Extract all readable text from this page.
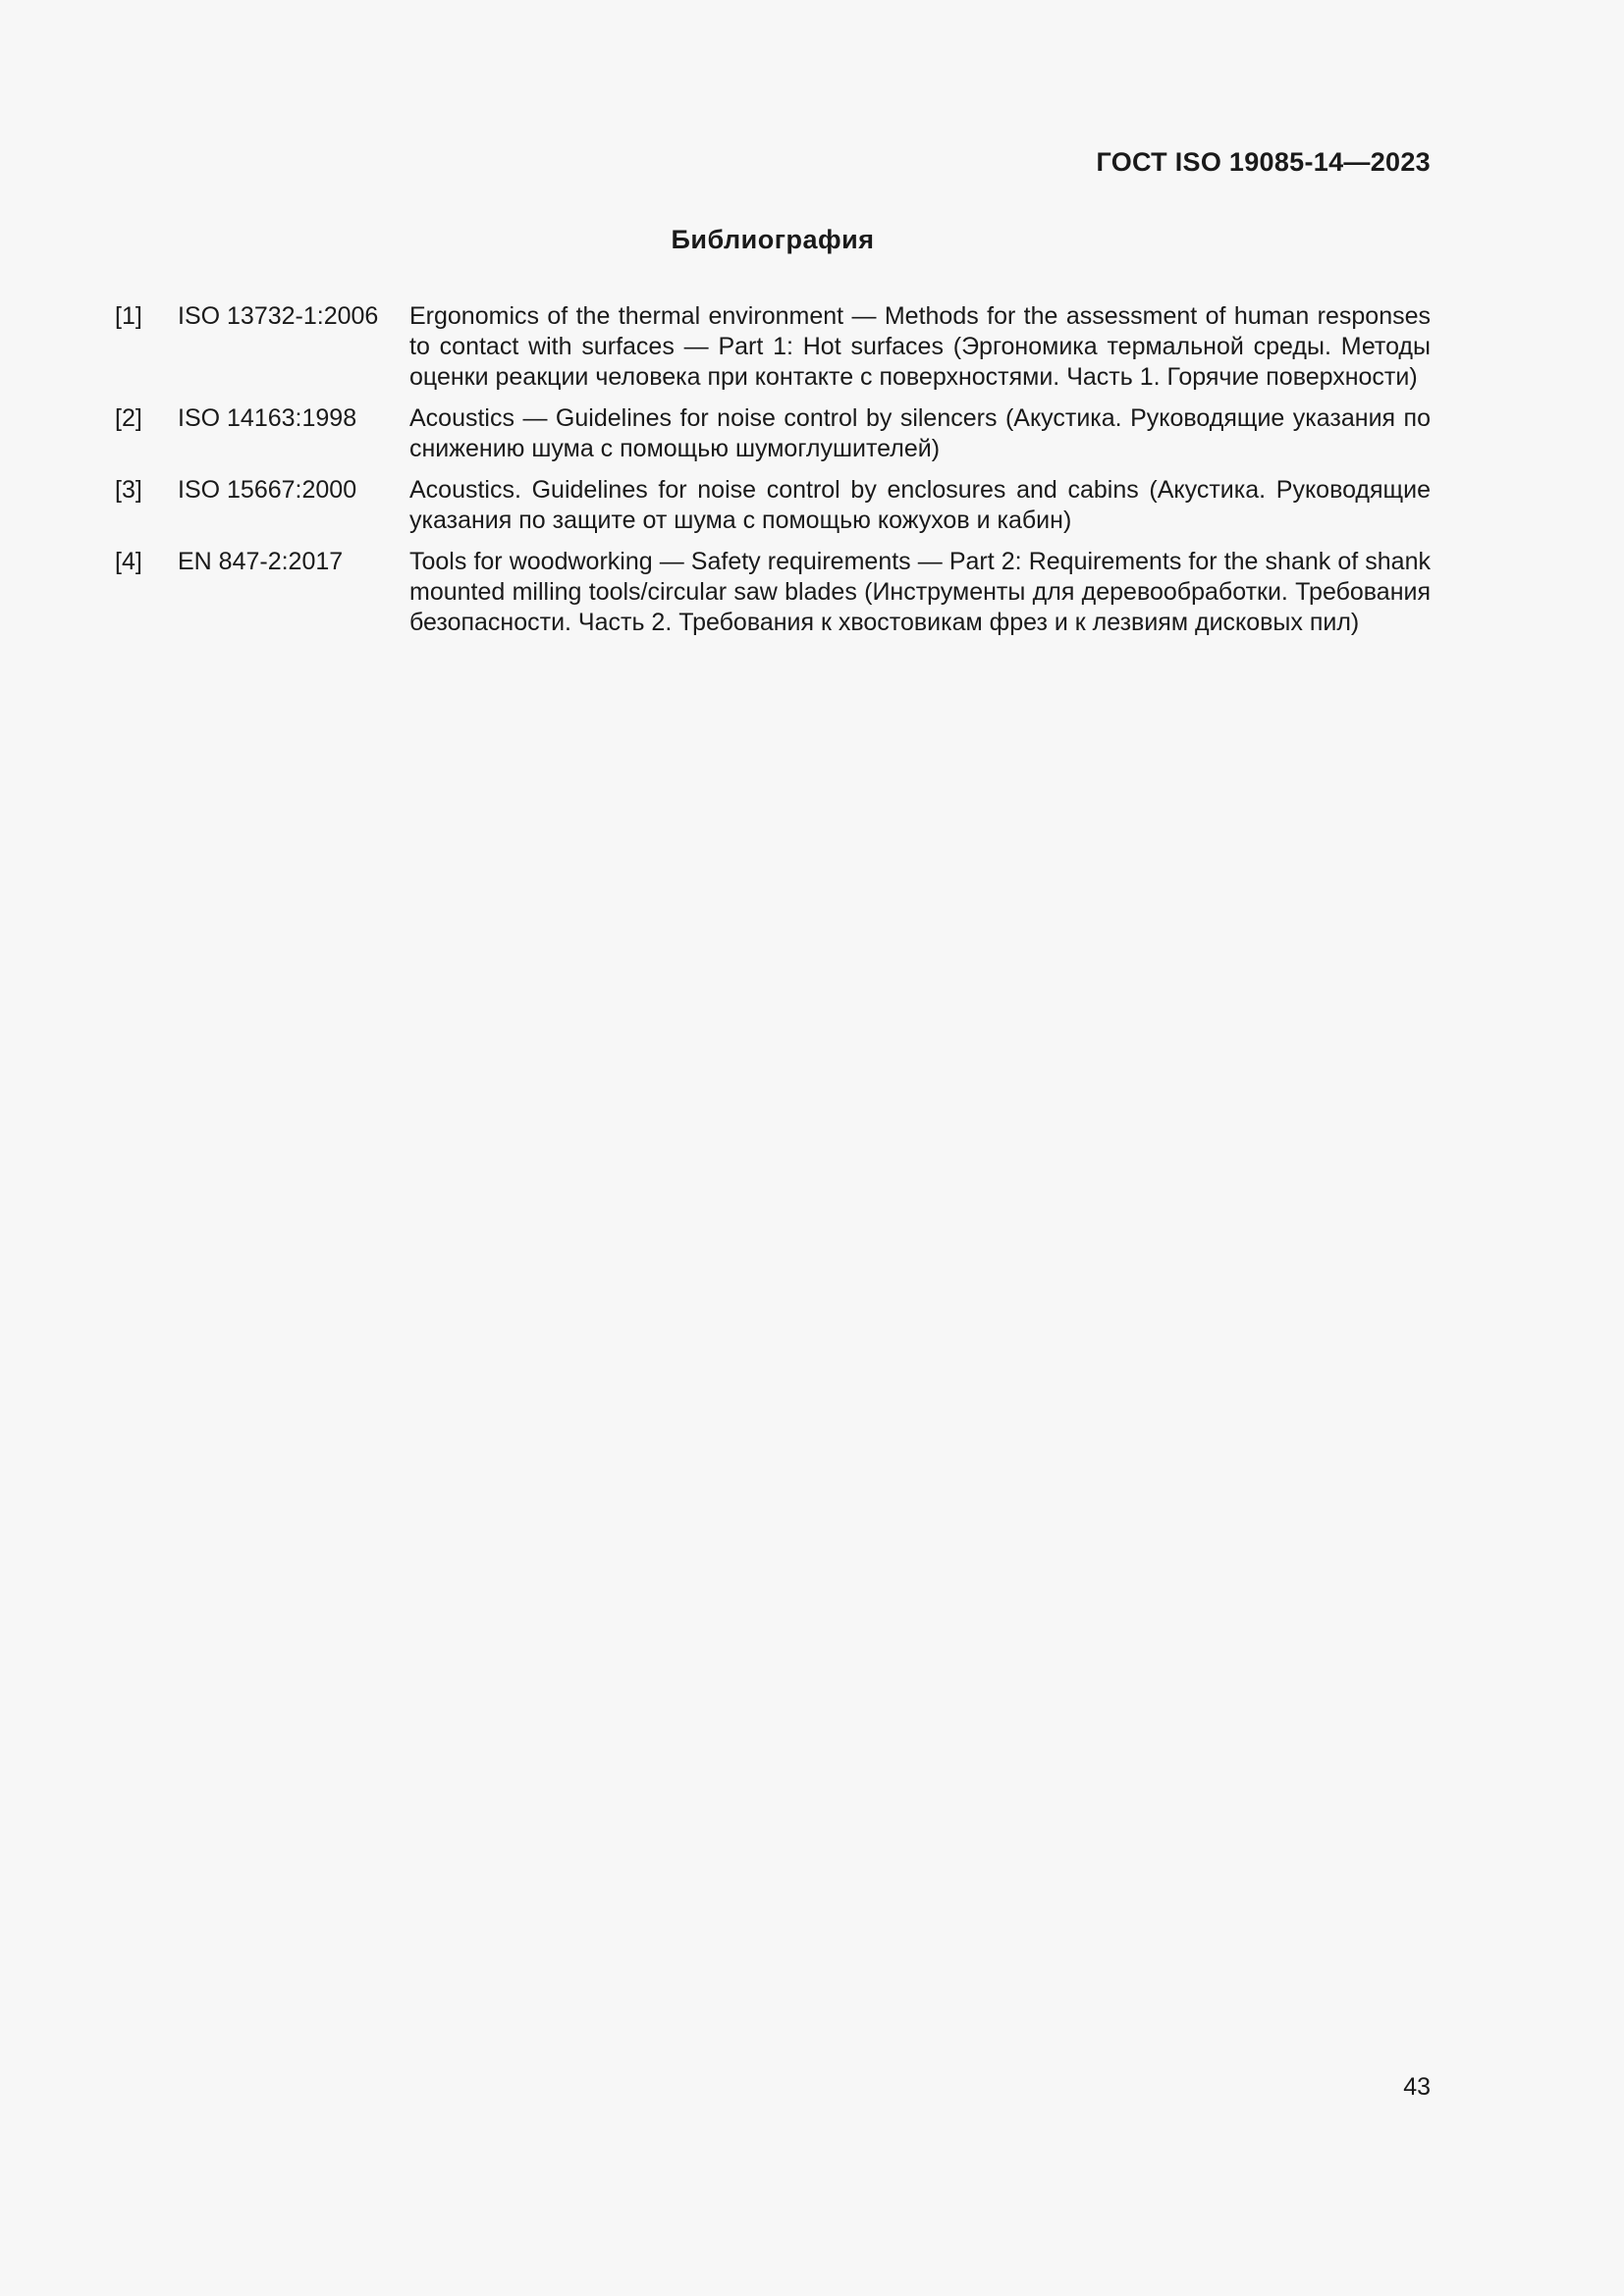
ГОСТ ISO 19085-14—2023
Библиография
[1] ISO 13732-1:2006 Ergonomics of the thermal environment — Methods for the assessment of human responses to contact with surfaces — Part 1: Hot surfaces (Эргономика термальной среды. Методы оценки реакции человека при контакте с поверхностями. Часть 1. Горячие поверхности)
[2] ISO 14163:1998 Acoustics — Guidelines for noise control by silencers (Акустика. Руководящие указания по снижению шума с помощью шумоглушителей)
[3] ISO 15667:2000 Acoustics. Guidelines for noise control by enclosures and cabins (Акустика. Руководящие указания по защите от шума с помощью кожухов и кабин)
[4] EN 847-2:2017	Tools for woodworking — Safety requirements — Part 2: Requirements for the shank of shank mounted milling tools/circular saw blades (Инструменты для деревообработки. Требования безопасности. Часть 2. Требования к хвостовикам фрез и к лезвиям дисковых пил)
43
